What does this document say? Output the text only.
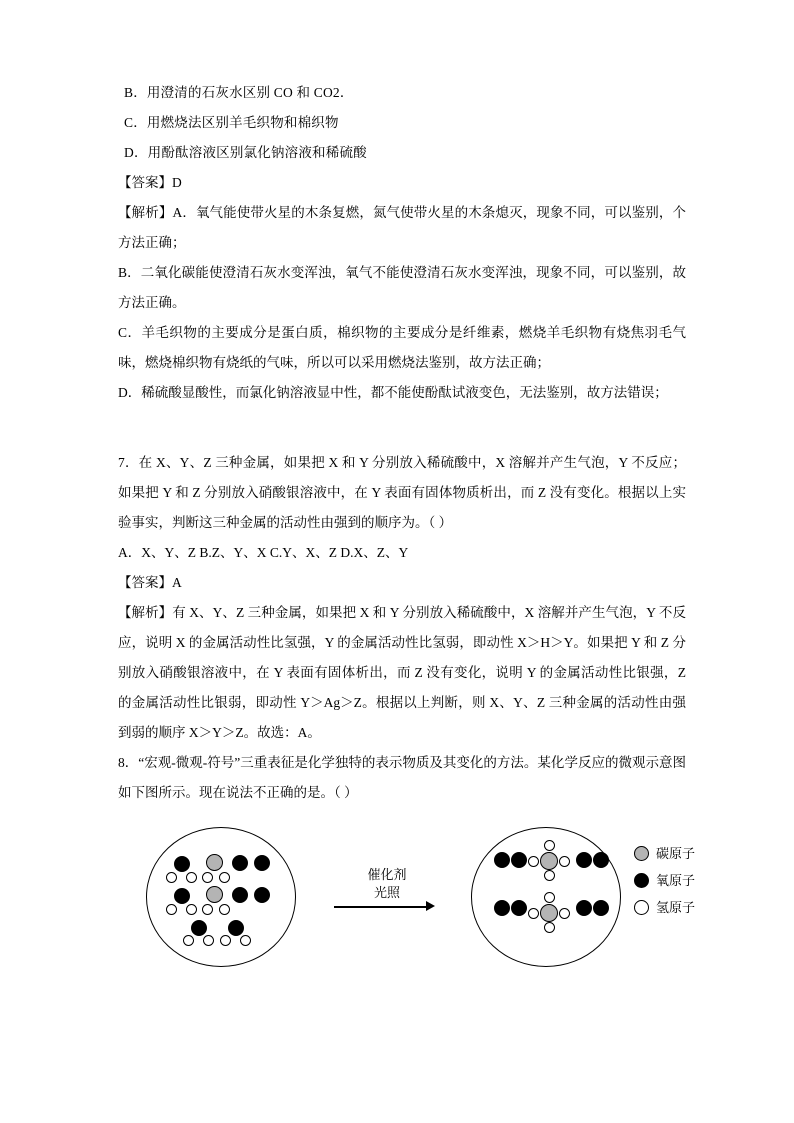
B．用澄清的石灰水区别 CO 和 CO2．
C．用燃烧法区别羊毛织物和棉织物
D．用酚酞溶液区别氯化钠溶液和稀硫酸
【答案】D
【解析】A．氧气能使带火星的木条复燃，氮气使带火星的木条熄灭，现象不同，可以鉴别，个方法正确；
B．二氧化碳能使澄清石灰水变浑浊，氧气不能使澄清石灰水变浑浊，现象不同，可以鉴别，故方法正确。
C．羊毛织物的主要成分是蛋白质，棉织物的主要成分是纤维素，燃烧羊毛织物有烧焦羽毛气味，燃烧棉织物有烧纸的气味，所以可以采用燃烧法鉴别，故方法正确；
D．稀硫酸显酸性，而氯化钠溶液显中性，都不能使酚酞试液变色，无法鉴别，故方法错误；
7．在 X、Y、Z 三种金属，如果把 X 和 Y 分别放入稀硫酸中，X 溶解并产生气泡，Y 不反应；如果把 Y 和 Z 分别放入硝酸银溶液中，在 Y 表面有固体物质析出，而 Z 没有变化。根据以上实验事实，判断这三种金属的活动性由强到的顺序为。（ ）
A．X、Y、Z B.Z、Y、X C.Y、X、Z D.X、Z、Y
【答案】A
【解析】有 X、Y、Z 三种金属，如果把 X 和 Y 分别放入稀硫酸中，X 溶解并产生气泡，Y 不反应，说明 X 的金属活动性比氢强，Y 的金属活动性比氢弱，即动性 X＞H＞Y。如果把 Y 和 Z 分别放入硝酸银溶液中，在 Y 表面有固体析出，而 Z 没有变化，说明 Y 的金属活动性比银强，Z 的金属活动性比银弱，即动性 Y＞Ag＞Z。根据以上判断，则 X、Y、Z 三种金属的活动性由强到弱的顺序 X＞Y＞Z。故选：A。
8．“宏观-微观-符号”三重表征是化学独特的表示物质及其变化的方法。某化学反应的微观示意图如下图所示。现在说法不正确的是。（ ）
催化剂
光照
碳原子
氧原子
氢原子
